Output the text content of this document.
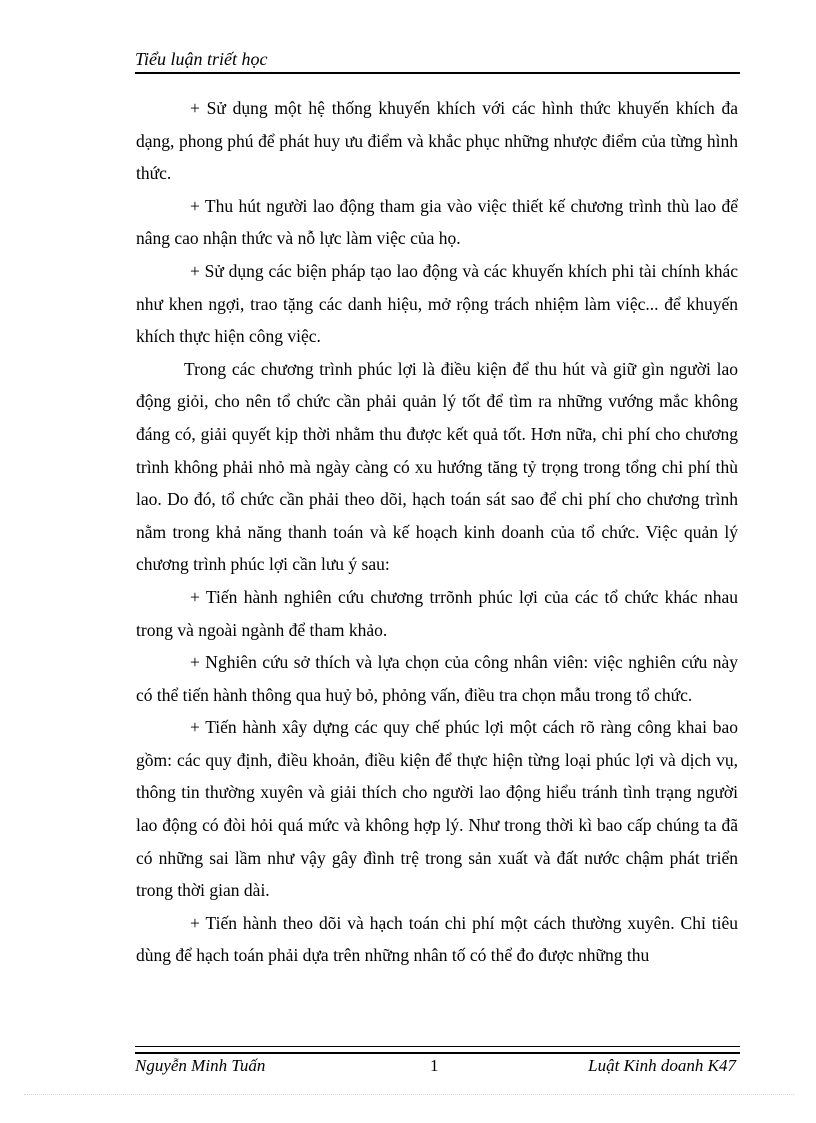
Tiểu luận triết học

+ Sử dụng một hệ thống khuyến khích với các hình thức khuyến khích đa dạng, phong phú để phát huy ưu điểm và khắc phục những nhược điểm của từng hình thức.

+ Thu hút người lao động tham gia vào việc thiết kế chương trình thù lao để nâng cao nhận thức và nỗ lực làm việc của họ.

+ Sử dụng các biện pháp tạo lao động và các khuyến khích phi tài chính khác như khen ngợi, trao tặng các danh hiệu, mở rộng trách nhiệm làm việc... để khuyến khích thực hiện công việc.

Trong các chương trình phúc lợi là điều kiện để thu hút và giữ gìn người lao động giỏi, cho nên tổ chức cần phải quản lý tốt để tìm ra những vướng mắc không đáng có, giải quyết kịp thời nhằm thu được kết quả tốt. Hơn nữa, chi phí cho chương trình không phải nhỏ mà ngày càng có xu hướng tăng tỷ trọng trong tổng chi phí thù lao. Do đó, tổ chức cần phải theo dõi, hạch toán sát sao để chi phí cho chương trình nằm trong khả năng thanh toán và kế hoạch kinh doanh của tổ chức. Việc quản lý chương trình phúc lợi cần lưu ý sau:

+ Tiến hành nghiên cứu chương trrõnh phúc lợi của các tổ chức khác nhau trong và ngoài ngành để tham khảo.

+ Nghiên cứu sở thích và lựa chọn của công nhân viên: việc nghiên cứu này có thể tiến hành thông qua huỷ bỏ, phỏng vấn, điều tra chọn mẫu trong tổ chức.

+ Tiến hành xây dựng các quy chế phúc lợi một cách rõ ràng công khai bao gồm: các quy định, điều khoản, điều kiện để thực hiện từng loại phúc lợi và dịch vụ, thông tin thường xuyên và giải thích cho người lao động hiểu tránh tình trạng người lao động có đòi hỏi quá mức và không hợp lý. Như trong thời kì bao cấp chúng ta đã có những sai lầm như vậy gây đình trệ trong sản xuất và đất nước chậm phát triển trong thời gian dài.

+ Tiến hành theo dõi và hạch toán chi phí một cách thường xuyên. Chỉ tiêu dùng để hạch toán phải dựa trên những nhân tố có thể đo được những thu

Nguyễn Minh Tuấn	1	Luật Kinh doanh K47
